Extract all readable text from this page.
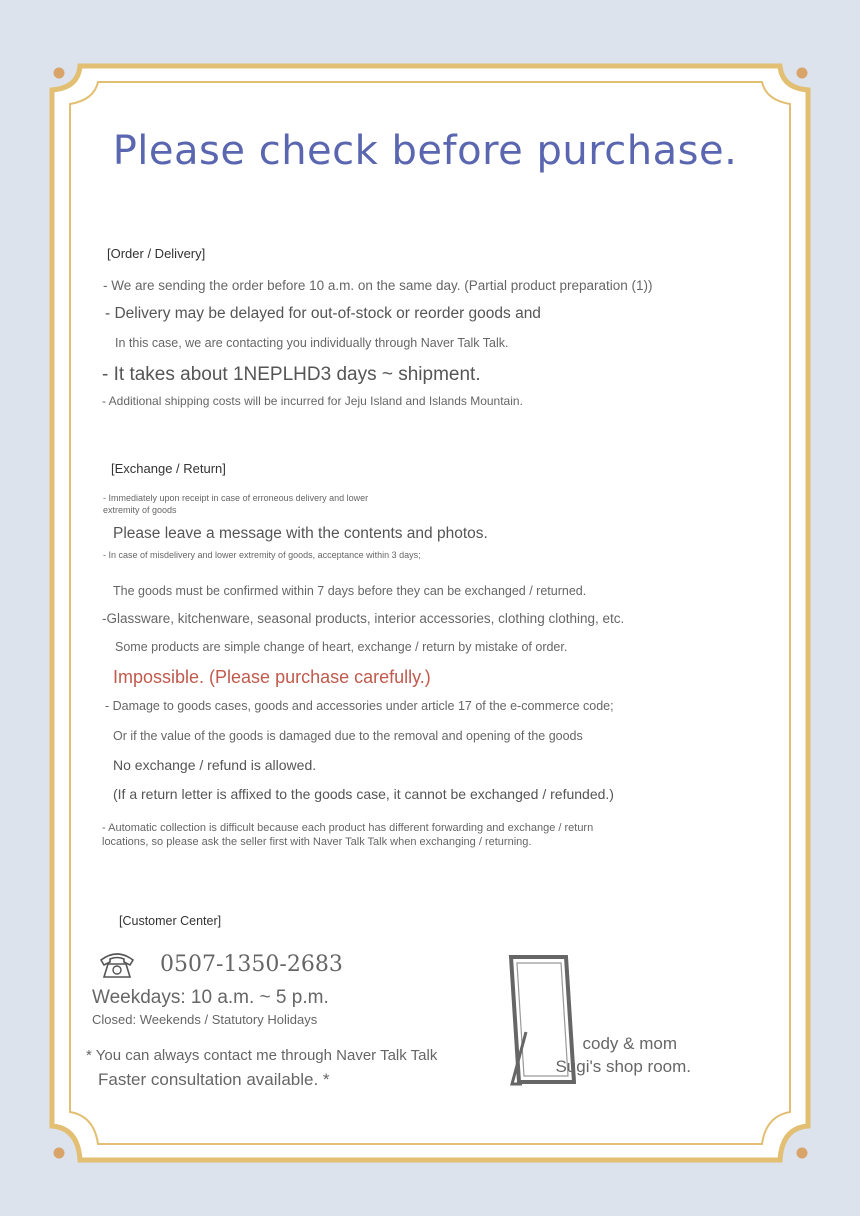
Please check before purchase.
[Order / Delivery]
- We are sending the order before 10 a.m. on the same day. (Partial product preparation (1))
- Delivery may be delayed for out-of-stock or reorder goods and
In this case, we are contacting you individually through Naver Talk Talk.
- It takes about 1NEPLHD3 days ~ shipment.
- Additional shipping costs will be incurred for Jeju Island and Islands Mountain.
[Exchange / Return]
- Immediately upon receipt in case of erroneous delivery and lower extremity of goods
Please leave a message with the contents and photos.
- In case of misdelivery and lower extremity of goods, acceptance within 3 days;
The goods must be confirmed within 7 days before they can be exchanged / returned.
-Glassware, kitchenware, seasonal products, interior accessories, clothing clothing, etc.
Some products are simple change of heart, exchange / return by mistake of order.
Impossible. (Please purchase carefully.)
- Damage to goods cases, goods and accessories under article 17 of the e-commerce code;
Or if the value of the goods is damaged due to the removal and opening of the goods
No exchange / refund is allowed.
(If a return letter is affixed to the goods case, it cannot be exchanged / refunded.)
- Automatic collection is difficult because each product has different forwarding and exchange / return locations, so please ask the seller first with Naver Talk Talk when exchanging / returning.
[Customer Center]
0507-1350-2683
Weekdays: 10 a.m. ~ 5 p.m.
Closed: Weekends / Statutory Holidays
* You can always contact me through Naver Talk Talk
Faster consultation available. *
cody & mom
Sugi's shop room.
